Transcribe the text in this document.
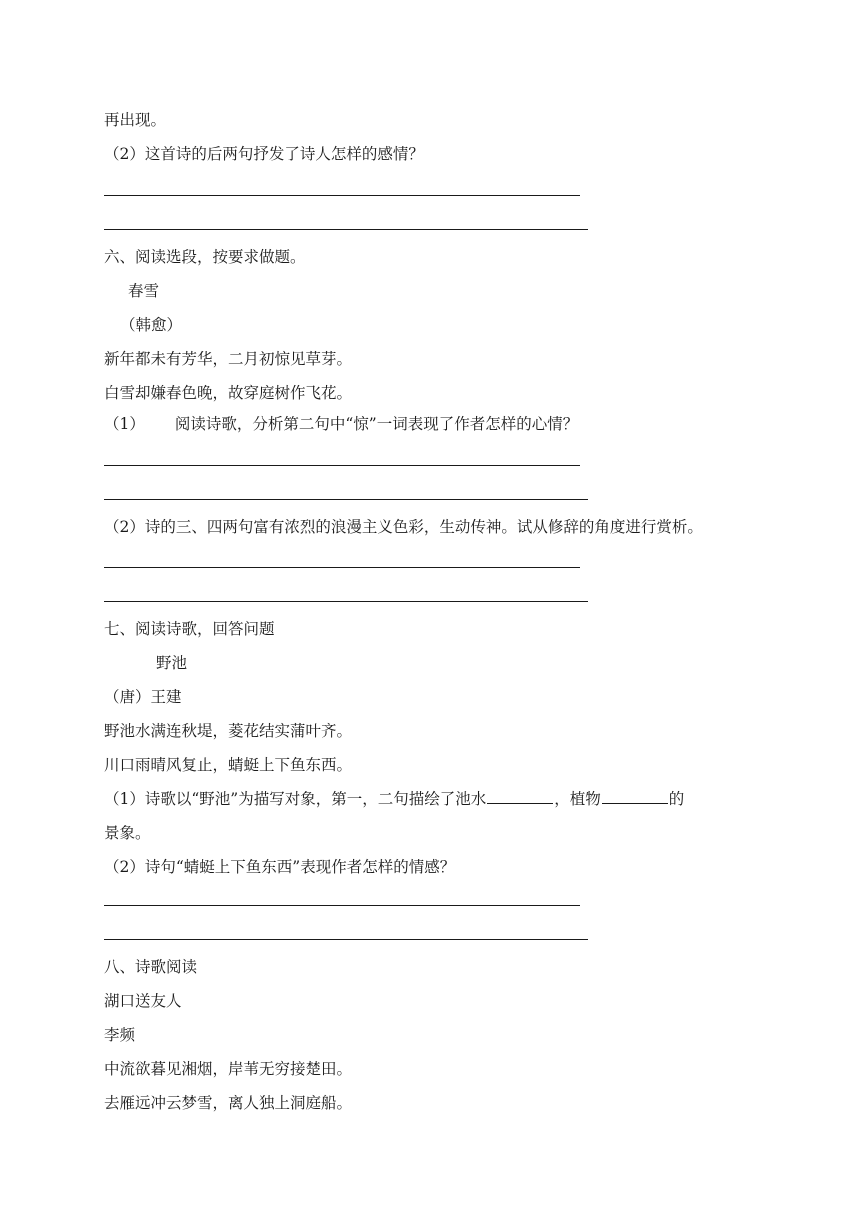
再出现。

（2）这首诗的后两句抒发了诗人怎样的感情？

六、阅读选段，按要求做题。

春雪

（韩愈）

新年都未有芳华，二月初惊见草芽。

白雪却嫌春色晚，故穿庭树作飞花。

（1） 阅读诗歌，分析第二句中“惊”一词表现了作者怎样的心情？

（2）诗的三、四两句富有浓烈的浪漫主义色彩，生动传神。试从修辞的角度进行赏析。

七、阅读诗歌，回答问题

野池

（唐）王建

野池水满连秋堤，菱花结实蒲叶齐。

川口雨晴风复止，蜻蜓上下鱼东西。

（1）诗歌以“野池”为描写对象，第一，二句描绘了池水	，植物	的

景象。

（2）诗句“蜻蜓上下鱼东西”表现作者怎样的情感？

八、诗歌阅读

湖口送友人

李频

中流欲暮见湘烟，岸苇无穷接楚田。

去雁远冲云梦雪，离人独上洞庭船。
